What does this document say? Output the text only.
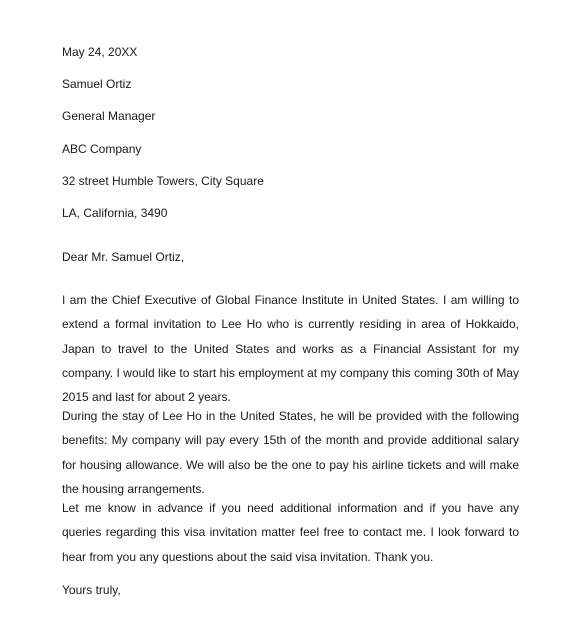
May 24, 20XX
Samuel Ortiz
General Manager
ABC Company
32 street Humble Towers, City Square
LA, California, 3490
Dear Mr. Samuel Ortiz,

I am the Chief Executive of Global Finance Institute in United States. I am willing to extend a formal invitation to Lee Ho who is currently residing in area of Hokkaido, Japan to travel to the United States and works as a Financial Assistant for my company. I would like to start his employment at my company this coming 30th of May 2015 and last for about 2 years.

During the stay of Lee Ho in the United States, he will be provided with the following benefits: My company will pay every 15th of the month and provide additional salary for housing allowance. We will also be the one to pay his airline tickets and will make the housing arrangements.

Let me know in advance if you need additional information and if you have any queries regarding this visa invitation matter feel free to contact me. I look forward to hear from you any questions about the said visa invitation. Thank you.

Yours truly,
